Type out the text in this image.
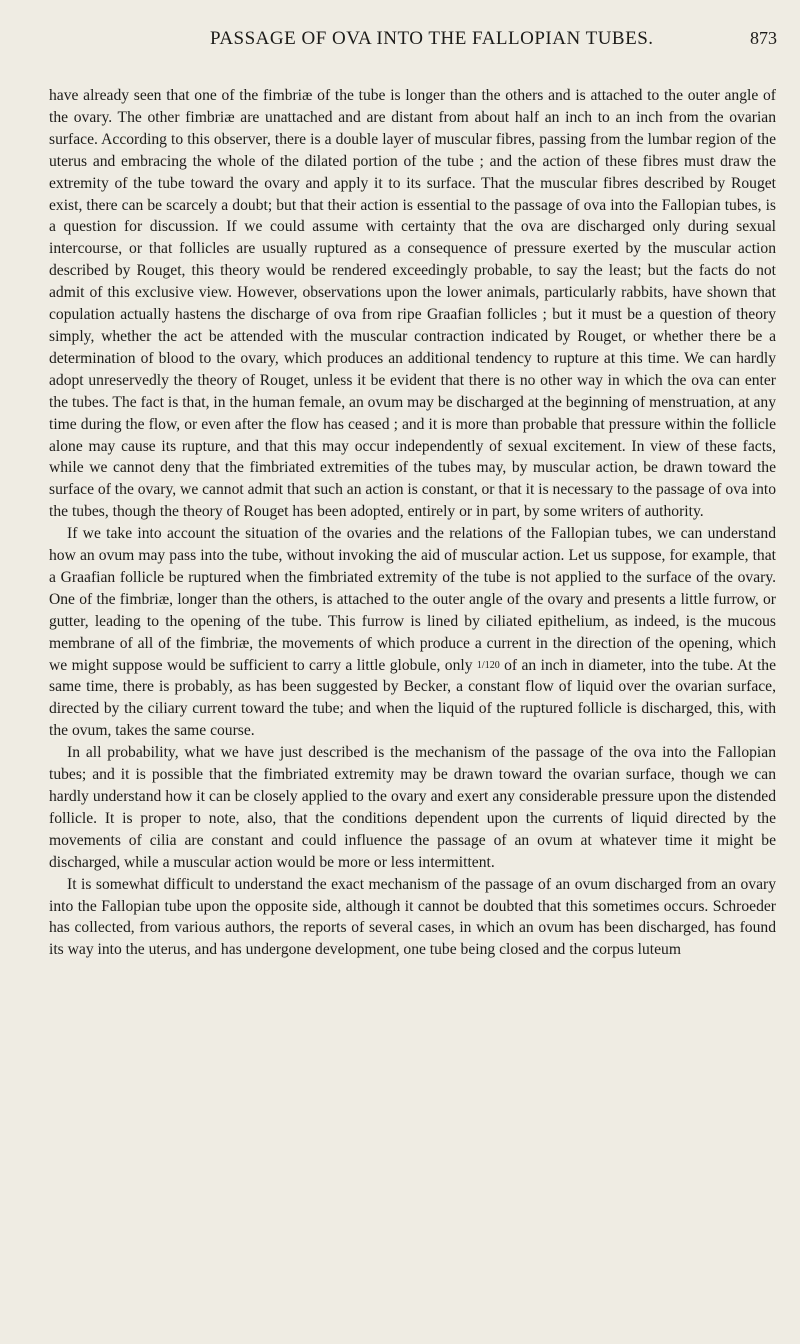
PASSAGE OF OVA INTO THE FALLOPIAN TUBES.	873

have already seen that one of the fimbriæ of the tube is longer than the others and is attached to the outer angle of the ovary. The other fimbriæ are unattached and are distant from about half an inch to an inch from the ovarian surface. According to this observer, there is a double layer of muscular fibres, passing from the lumbar region of the uterus and embracing the whole of the dilated portion of the tube ; and the action of these fibres must draw the extremity of the tube toward the ovary and apply it to its surface. That the muscular fibres described by Rouget exist, there can be scarcely a doubt; but that their action is essential to the passage of ova into the Fallopian tubes, is a question for discussion. If we could assume with certainty that the ova are discharged only during sexual intercourse, or that follicles are usually ruptured as a consequence of pressure exerted by the muscular action described by Rouget, this theory would be rendered exceedingly probable, to say the least; but the facts do not admit of this exclusive view. However, observations upon the lower animals, particularly rabbits, have shown that copulation actually hastens the discharge of ova from ripe Graafian follicles ; but it must be a question of theory simply, whether the act be attended with the muscular contraction indicated by Rouget, or whether there be a determination of blood to the ovary, which produces an additional tendency to rupture at this time. We can hardly adopt unreservedly the theory of Rouget, unless it be evident that there is no other way in which the ova can enter the tubes. The fact is that, in the human female, an ovum may be discharged at the beginning of menstruation, at any time during the flow, or even after the flow has ceased ; and it is more than probable that pressure within the follicle alone may cause its rupture, and that this may occur independently of sexual excitement. In view of these facts, while we cannot deny that the fimbriated extremities of the tubes may, by muscular action, be drawn toward the surface of the ovary, we cannot admit that such an action is constant, or that it is necessary to the passage of ova into the tubes, though the theory of Rouget has been adopted, entirely or in part, by some writers of authority.

If we take into account the situation of the ovaries and the relations of the Fallopian tubes, we can understand how an ovum may pass into the tube, without invoking the aid of muscular action. Let us suppose, for example, that a Graafian follicle be ruptured when the fimbriated extremity of the tube is not applied to the surface of the ovary. One of the fimbriæ, longer than the others, is attached to the outer angle of the ovary and presents a little furrow, or gutter, leading to the opening of the tube. This furrow is lined by ciliated epithelium, as indeed, is the mucous membrane of all of the fimbriæ, the movements of which produce a current in the direction of the opening, which we might suppose would be sufficient to carry a little globule, only 1/120 of an inch in diameter, into the tube. At the same time, there is probably, as has been suggested by Becker, a constant flow of liquid over the ovarian surface, directed by the ciliary current toward the tube; and when the liquid of the ruptured follicle is discharged, this, with the ovum, takes the same course.

In all probability, what we have just described is the mechanism of the passage of the ova into the Fallopian tubes; and it is possible that the fimbriated extremity may be drawn toward the ovarian surface, though we can hardly understand how it can be closely applied to the ovary and exert any considerable pressure upon the distended follicle. It is proper to note, also, that the conditions dependent upon the currents of liquid directed by the movements of cilia are constant and could influence the passage of an ovum at whatever time it might be discharged, while a muscular action would be more or less intermittent.

It is somewhat difficult to understand the exact mechanism of the passage of an ovum discharged from an ovary into the Fallopian tube upon the opposite side, although it cannot be doubted that this sometimes occurs. Schroeder has collected, from various authors, the reports of several cases, in which an ovum has been discharged, has found its way into the uterus, and has undergone development, one tube being closed and the corpus luteum
